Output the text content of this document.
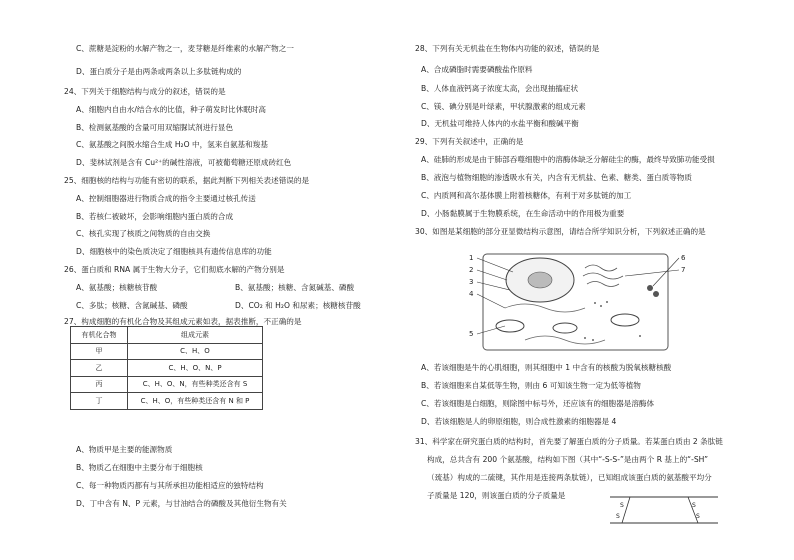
C、蔗糖是淀粉的水解产物之一，麦芽糖是纤维素的水解产物之一
D、蛋白质分子是由两条或两条以上多肽链构成的
24、下列关于细胞结构与成分的叙述，错误的是
A、细胞内自由水/结合水的比值，种子萌发时比休眠时高
B、检测氨基酸的含量可用双缩脲试剂进行显色
C、氨基酸之间脱水缩合生成 H₂O 中，氢来自氨基和羧基
D、斐林试剂是含有 Cu²⁺的碱性溶液，可被葡萄糖还原成砖红色
25、细胞核的结构与功能有密切的联系，据此判断下列相关表述错误的是
A、控制细胞器进行物质合成的指令主要通过核孔传送
B、若核仁被破坏，会影响细胞内蛋白质的合成
C、核孔实现了核质之间物质的自由交换
D、细胞核中的染色质决定了细胞核具有遗传信息库的功能
26、蛋白质和 RNA 属于生物大分子，它们彻底水解的产物分别是
A、氨基酸；核糖核苷酸	B、氨基酸；核糖、含氮碱基、磷酸
C、多肽；核糖、含氮碱基、磷酸	D、CO₂ 和 H₂O 和尿素；核糖核苷酸
27、构成细胞的有机化合物及其组成元素如表，据表推断，不正确的是
A、物质甲是主要的能源物质
B、物质乙在细胞中主要分布于细胞核
C、每一种物质丙都有与其所承担功能相适应的独特结构
D、丁中含有 N、P 元素，与甘油结合的磷酸及其他衍生物有关
有机化合物	组成元素
甲	C、H、O
乙	C、H、O、N、P
丙	C、H、O、N，有些种类还含有 S
丁	C、H、O，有些种类还含有 N 和 P
28、下列有关无机盐在生物体内功能的叙述，错误的是
A、合成磷脂时需要磷酸盐作原料
B、人体血液钙离子浓度太高，会出现抽搐症状
C、镁、碘分别是叶绿素，甲状腺激素的组成元素
D、无机盐可维持人体内的水盐平衡和酸碱平衡
29、下列有关叙述中，正确的是
A、硅肺的形成是由于肺部吞噬细胞中的溶酶体缺乏分解硅尘的酶，最终导致肺功能受损
B、液泡与植物细胞的渗透吸水有关，内含有无机盐、色素、糖类、蛋白质等物质
C、内质网和高尔基体膜上附着核糖体，有利于对多肽链的加工
D、小肠黏膜属于生物膜系统，在生命活动中的作用极为重要
30、如图是某细胞的部分亚显微结构示意图，请结合所学知识分析，下列叙述正确的是
A、若该细胞是牛的心肌细胞，则其细胞中 1 中含有的核酸为脱氧核糖核酸
B、若该细胞来自某低等生物，则由 6 可知该生物一定为低等植物
C、若该细胞是白细胞，则除图中标号外，还应该有的细胞器是溶酶体
D、若该细胞是人的卵原细胞，则合成性激素的细胞器是 4
31、科学家在研究蛋白质的结构时，首先要了解蛋白质的分子质量。若某蛋白质由 2 条肽链
构成，总共含有 200 个氨基酸，结构如下图（其中“-S-S-”是由两个 R 基上的“-SH”
（巯基）构成的二硫键，其作用是连接两条肽链），已知组成该蛋白质的氨基酸平均分
子质量是 120，则该蛋白质的分子质量是
1
2
3
4
5
6
7
S
S
S
S
